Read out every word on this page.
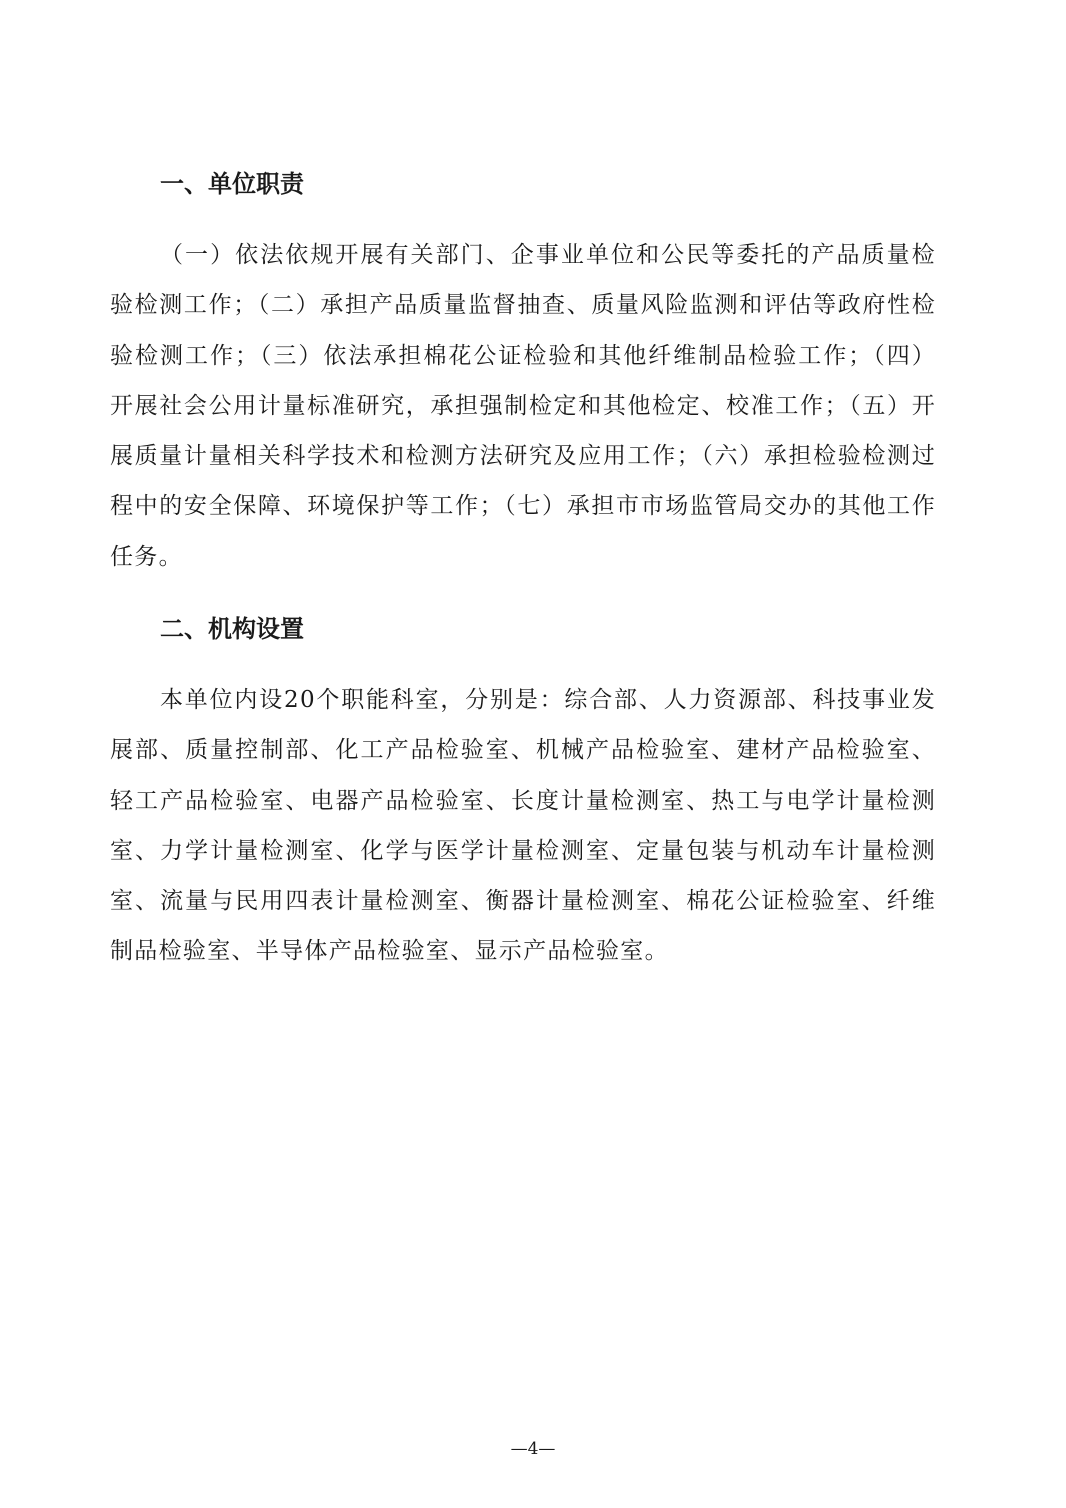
一、单位职责

（一）依法依规开展有关部门、企事业单位和公民等委托的产品质量检验检测工作；（二）承担产品质量监督抽查、质量风险监测和评估等政府性检验检测工作；（三）依法承担棉花公证检验和其他纤维制品检验工作；（四）开展社会公用计量标准研究，承担强制检定和其他检定、校准工作；（五）开展质量计量相关科学技术和检测方法研究及应用工作；（六）承担检验检测过程中的安全保障、环境保护等工作；（七）承担市市场监管局交办的其他工作任务。

二、机构设置

本单位内设20个职能科室，分别是：综合部、人力资源部、科技事业发展部、质量控制部、化工产品检验室、机械产品检验室、建材产品检验室、轻工产品检验室、电器产品检验室、长度计量检测室、热工与电学计量检测室、力学计量检测室、化学与医学计量检测室、定量包装与机动车计量检测室、流量与民用四表计量检测室、衡器计量检测室、棉花公证检验室、纤维制品检验室、半导体产品检验室、显示产品检验室。

—4—
